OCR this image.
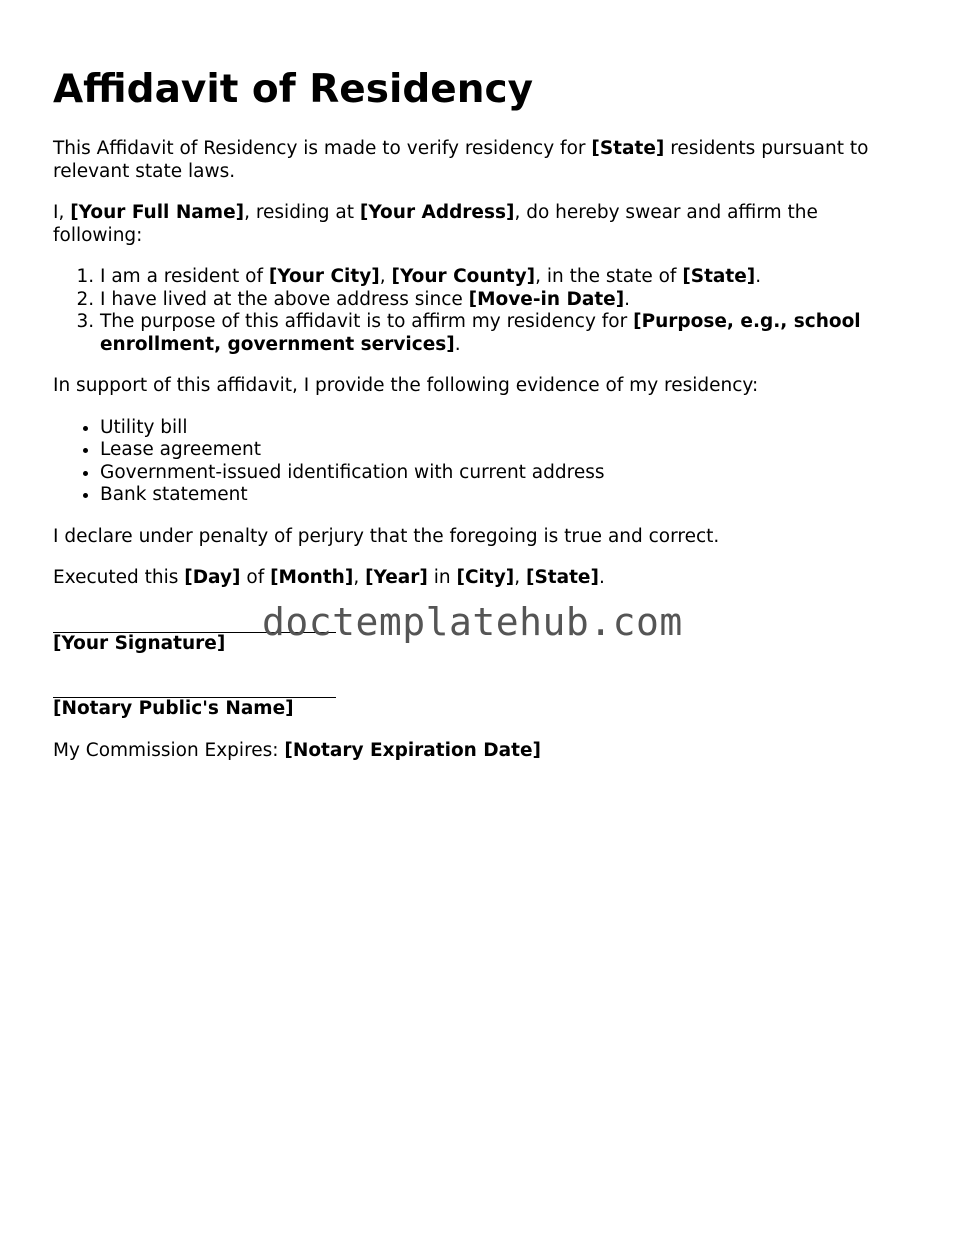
Affidavit of Residency

This Affidavit of Residency is made to verify residency for [State] residents pursuant to relevant state laws.

I, [Your Full Name], residing at [Your Address], do hereby swear and affirm the following:

1. I am a resident of [Your City], [Your County], in the state of [State].
2. I have lived at the above address since [Move-in Date].
3. The purpose of this affidavit is to affirm my residency for [Purpose, e.g., school enrollment, government services].

In support of this affidavit, I provide the following evidence of my residency:

• Utility bill
• Lease agreement
• Government-issued identification with current address
• Bank statement

I declare under penalty of perjury that the foregoing is true and correct.

Executed this [Day] of [Month], [Year] in [City], [State].

[Your Signature]

[Notary Public's Name]

My Commission Expires: [Notary Expiration Date]

doctemplatehub.com
